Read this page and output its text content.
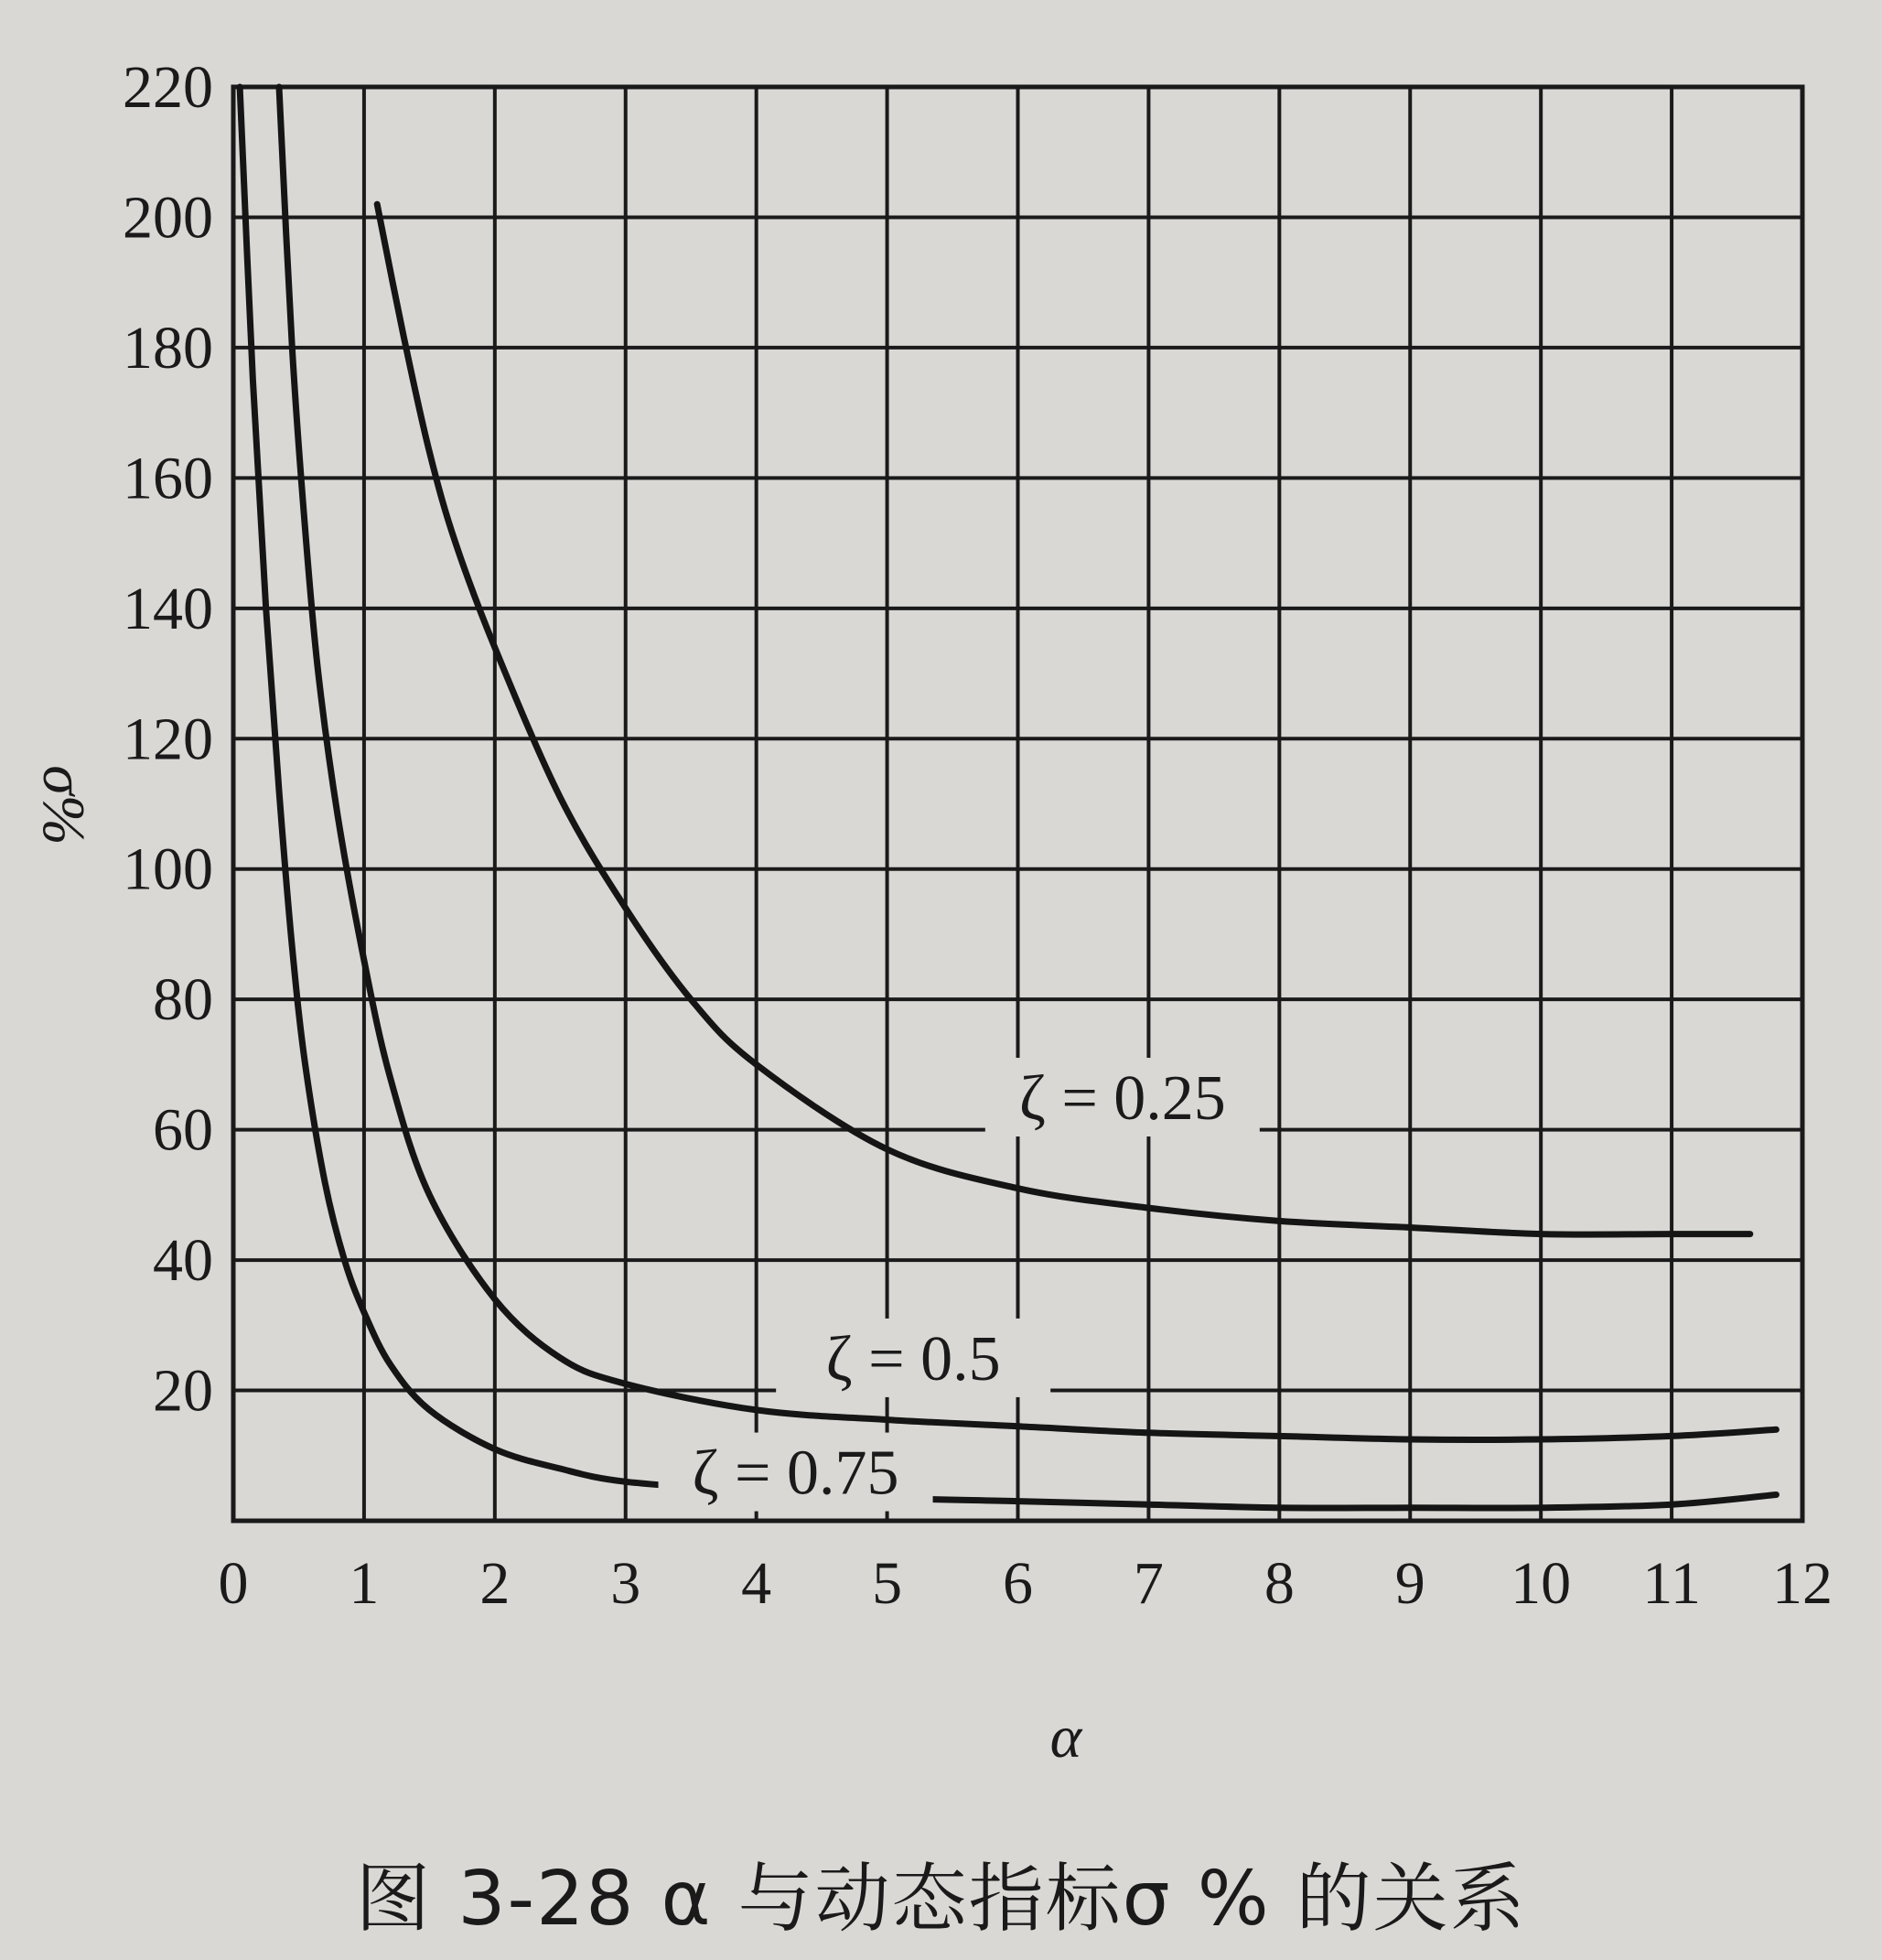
ζ = 0.25
ζ = 0.5
ζ = 0.75
20
40
60
80
100
120
140
160
180
200
220
0 1 2 3 4 5 6 7 8 9 10 11 12
α
σ%
图 3-28 α 与动态指标σ % 的关系
